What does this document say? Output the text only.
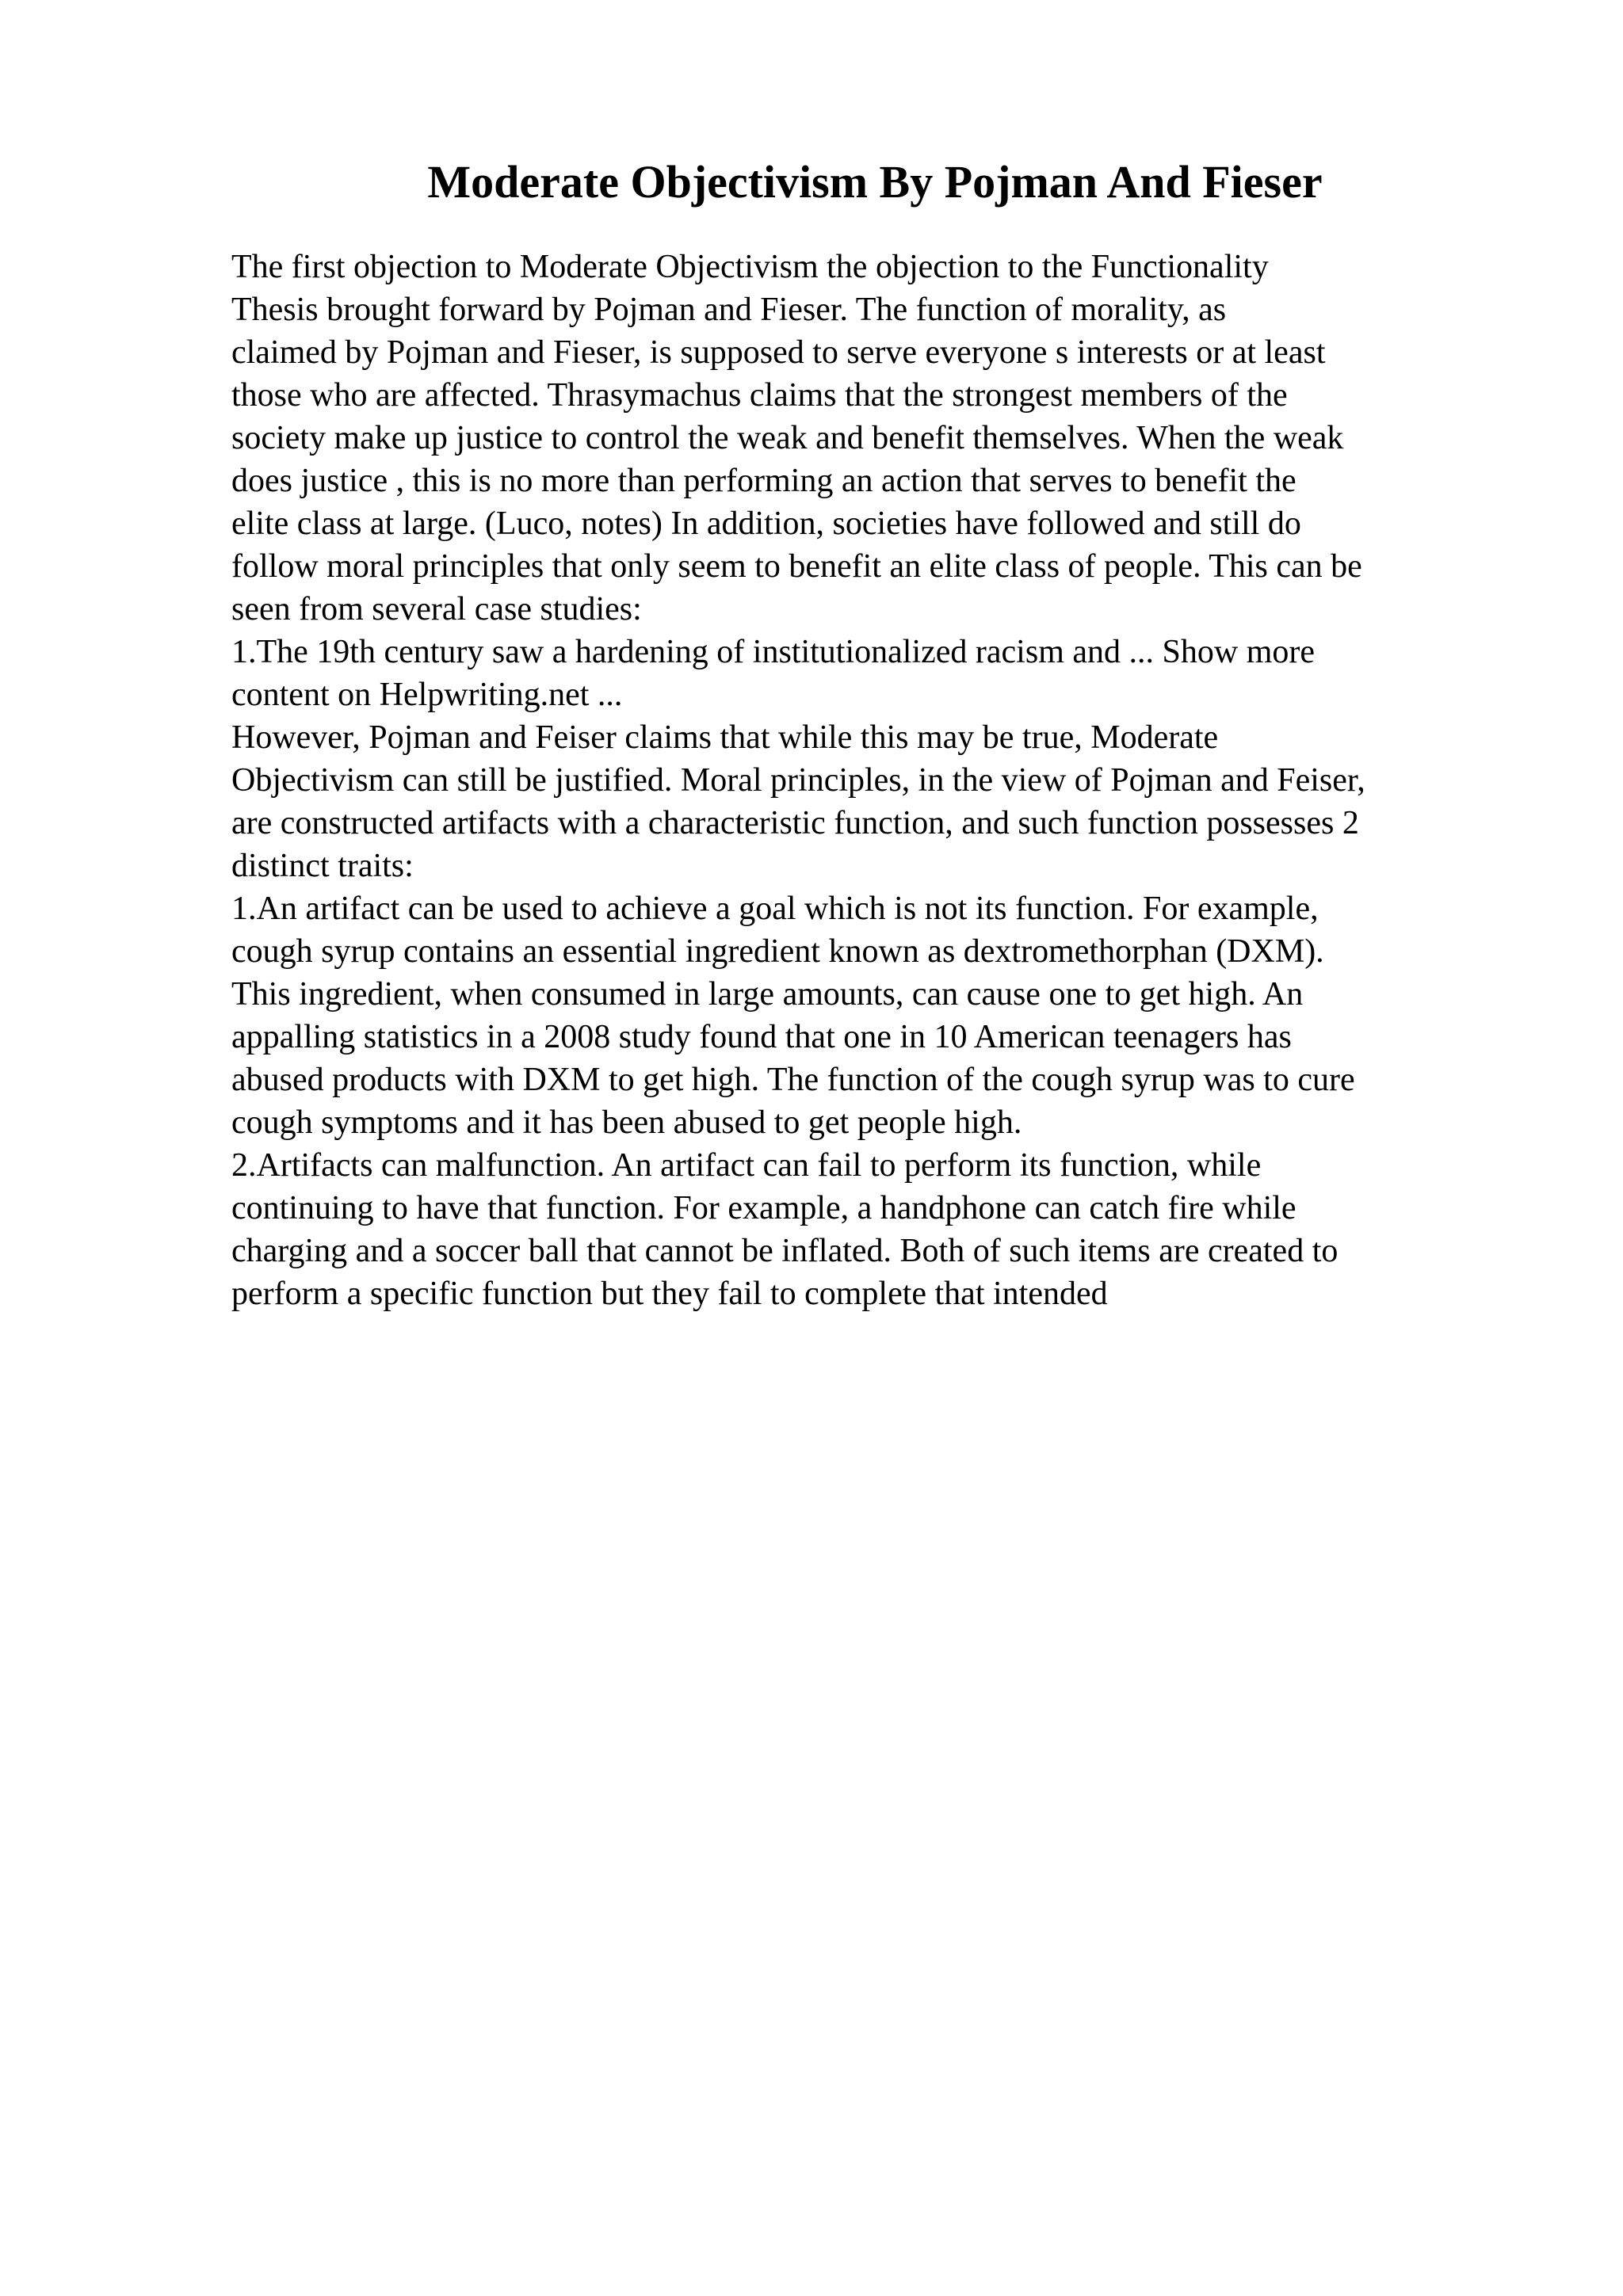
Moderate Objectivism By Pojman And Fieser
The first objection to Moderate Objectivism the objection to the Functionality
Thesis brought forward by Pojman and Fieser. The function of morality, as
claimed by Pojman and Fieser, is supposed to serve everyone s interests or at least
those who are affected. Thrasymachus claims that the strongest members of the
society make up justice to control the weak and benefit themselves. When the weak
does justice , this is no more than performing an action that serves to benefit the
elite class at large. (Luco, notes) In addition, societies have followed and still do
follow moral principles that only seem to benefit an elite class of people. This can be
seen from several case studies:
1.The 19th century saw a hardening of institutionalized racism and ... Show more
content on Helpwriting.net ...
However, Pojman and Feiser claims that while this may be true, Moderate
Objectivism can still be justified. Moral principles, in the view of Pojman and Feiser,
are constructed artifacts with a characteristic function, and such function possesses 2
distinct traits:
1.An artifact can be used to achieve a goal which is not its function. For example,
cough syrup contains an essential ingredient known as dextromethorphan (DXM).
This ingredient, when consumed in large amounts, can cause one to get high. An
appalling statistics in a 2008 study found that one in 10 American teenagers has
abused products with DXM to get high. The function of the cough syrup was to cure
cough symptoms and it has been abused to get people high.
2.Artifacts can malfunction. An artifact can fail to perform its function, while
continuing to have that function. For example, a handphone can catch fire while
charging and a soccer ball that cannot be inflated. Both of such items are created to
perform a specific function but they fail to complete that intended
